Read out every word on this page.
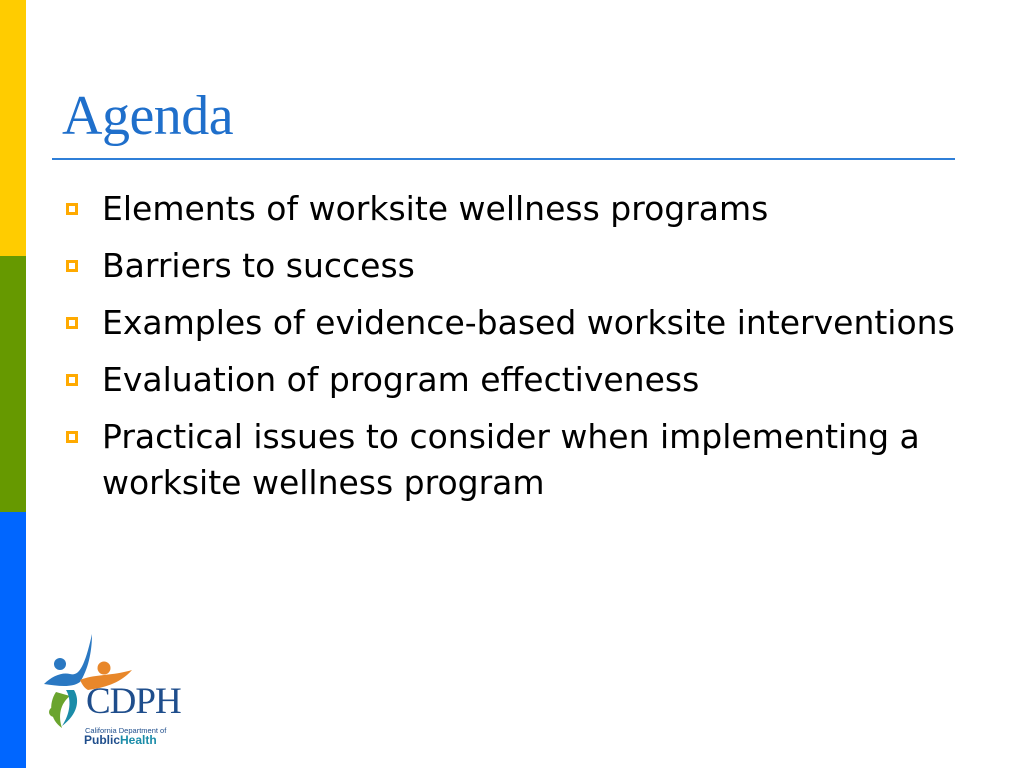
Agenda
Elements of worksite wellness programs
Barriers to success
Examples of evidence-based worksite interventions
Evaluation of program effectiveness
Practical issues to consider when implementing a worksite wellness program
CDPH
California Department of
PublicHealth
